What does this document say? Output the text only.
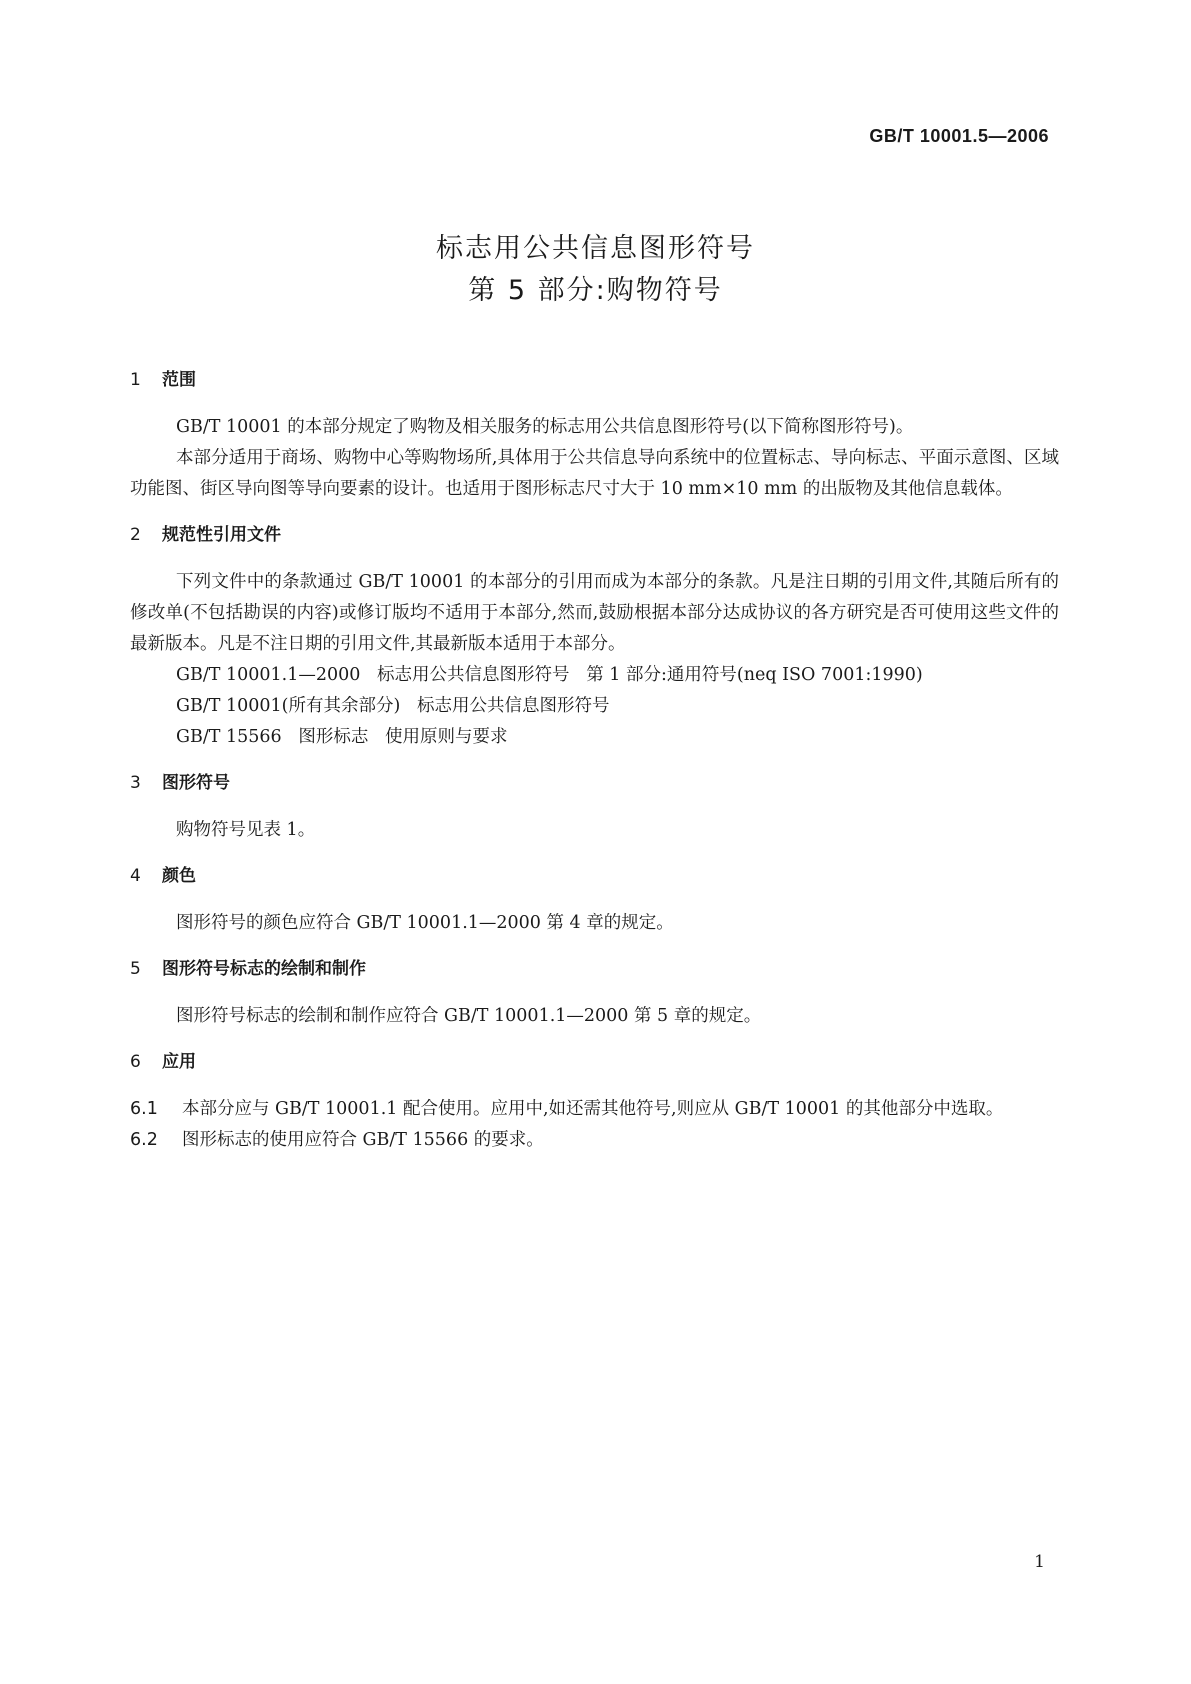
GB/T 10001.5—2006
标志用公共信息图形符号
第 5 部分:购物符号
1 范围

GB/T 10001 的本部分规定了购物及相关服务的标志用公共信息图形符号(以下简称图形符号)。

本部分适用于商场、购物中心等购物场所,具体用于公共信息导向系统中的位置标志、导向标志、平面示意图、区域功能图、街区导向图等导向要素的设计。也适用于图形标志尺寸大于 10 mm×10 mm 的出版物及其他信息载体。

2 规范性引用文件

下列文件中的条款通过 GB/T 10001 的本部分的引用而成为本部分的条款。凡是注日期的引用文件,其随后所有的修改单(不包括勘误的内容)或修订版均不适用于本部分,然而,鼓励根据本部分达成协议的各方研究是否可使用这些文件的最新版本。凡是不注日期的引用文件,其最新版本适用于本部分。

GB/T 10001.1—2000   标志用公共信息图形符号   第 1 部分:通用符号(neq ISO 7001:1990)

GB/T 10001(所有其余部分)   标志用公共信息图形符号

GB/T 15566   图形标志   使用原则与要求

3 图形符号

购物符号见表 1。

4 颜色

图形符号的颜色应符合 GB/T 10001.1—2000 第 4 章的规定。

5 图形符号标志的绘制和制作

图形符号标志的绘制和制作应符合 GB/T 10001.1—2000 第 5 章的规定。

6 应用

6.1 本部分应与 GB/T 10001.1 配合使用。应用中,如还需其他符号,则应从 GB/T 10001 的其他部分中选取。

6.2 图形标志的使用应符合 GB/T 15566 的要求。

1
